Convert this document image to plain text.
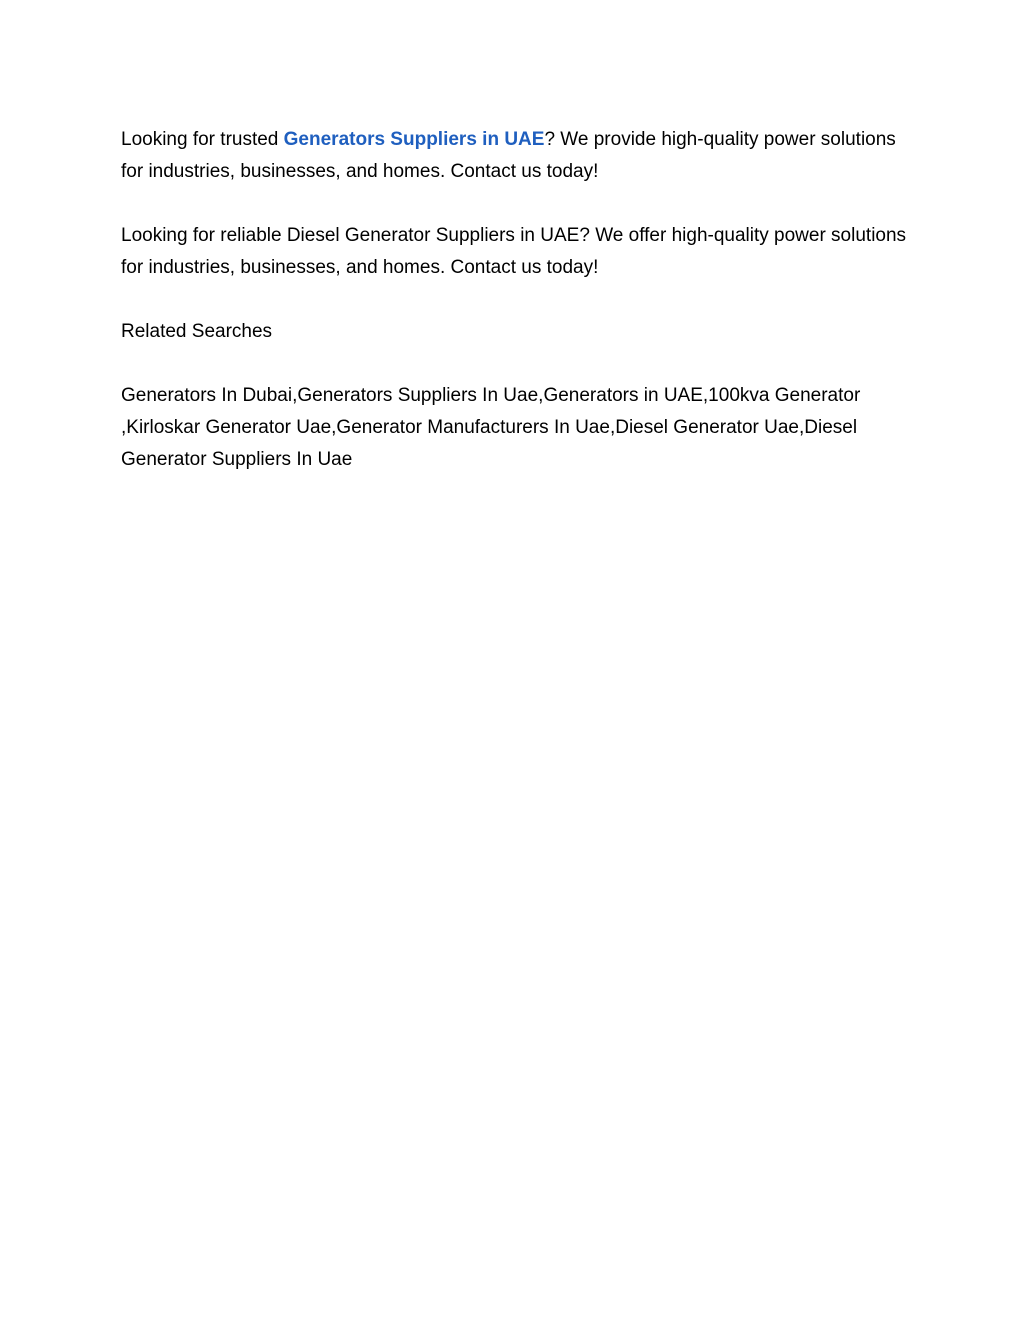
Looking for trusted Generators Suppliers in UAE? We provide high-quality power solutions for industries, businesses, and homes. Contact us today!

Looking for reliable Diesel Generator Suppliers in UAE? We offer high-quality power solutions for industries, businesses, and homes. Contact us today!

Related Searches

Generators In Dubai,Generators Suppliers In Uae,Generators in UAE,100kva Generator ,Kirloskar Generator Uae,Generator Manufacturers In Uae,Diesel Generator Uae,Diesel Generator Suppliers In Uae
